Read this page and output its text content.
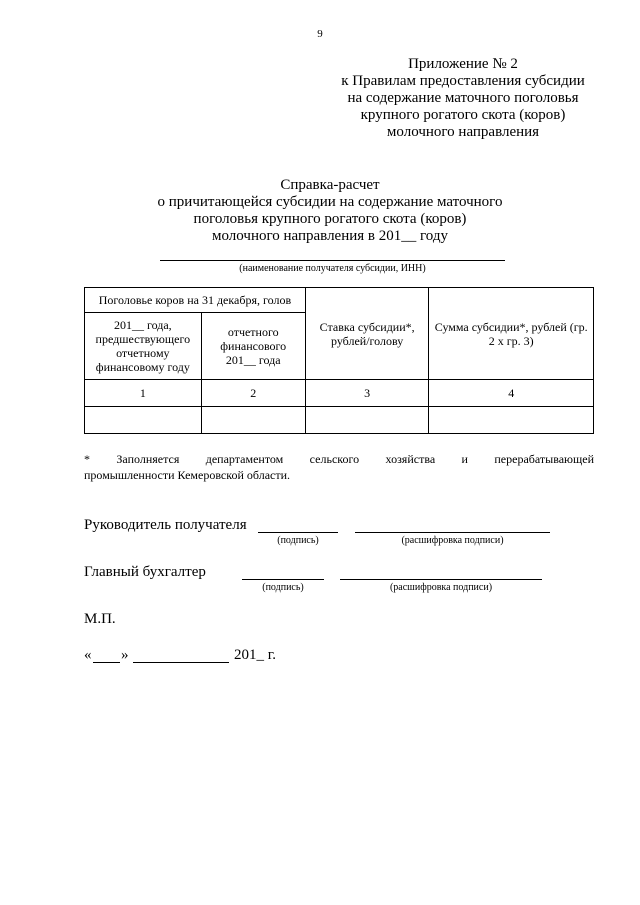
9
Приложение № 2
к Правилам предоставления субсидии
на содержание маточного поголовья
крупного рогатого скота (коров)
молочного направления
Справка-расчет
о причитающейся субсидии на содержание маточного
поголовья крупного рогатого скота (коров)
молочного направления в 201__ году
(наименование получателя субсидии, ИНН)
Поголовье коров на 31 декабря, голов		Ставка субсидии*, рублей/голову	Сумма субсидии*, рублей (гр. 2 х гр. 3)
201__ года, предшествующего отчетному финансовому году	отчетного финансового 201__ года		
1	2	3	4

* Заполняется департаментом сельского хозяйства и перерабатывающей
промышленности Кемеровской области.
Руководитель получателя
(подпись)	(расшифровка подписи)
Главный бухгалтер
(подпись)	(расшифровка подписи)
М.П.
« »	201_ г.
